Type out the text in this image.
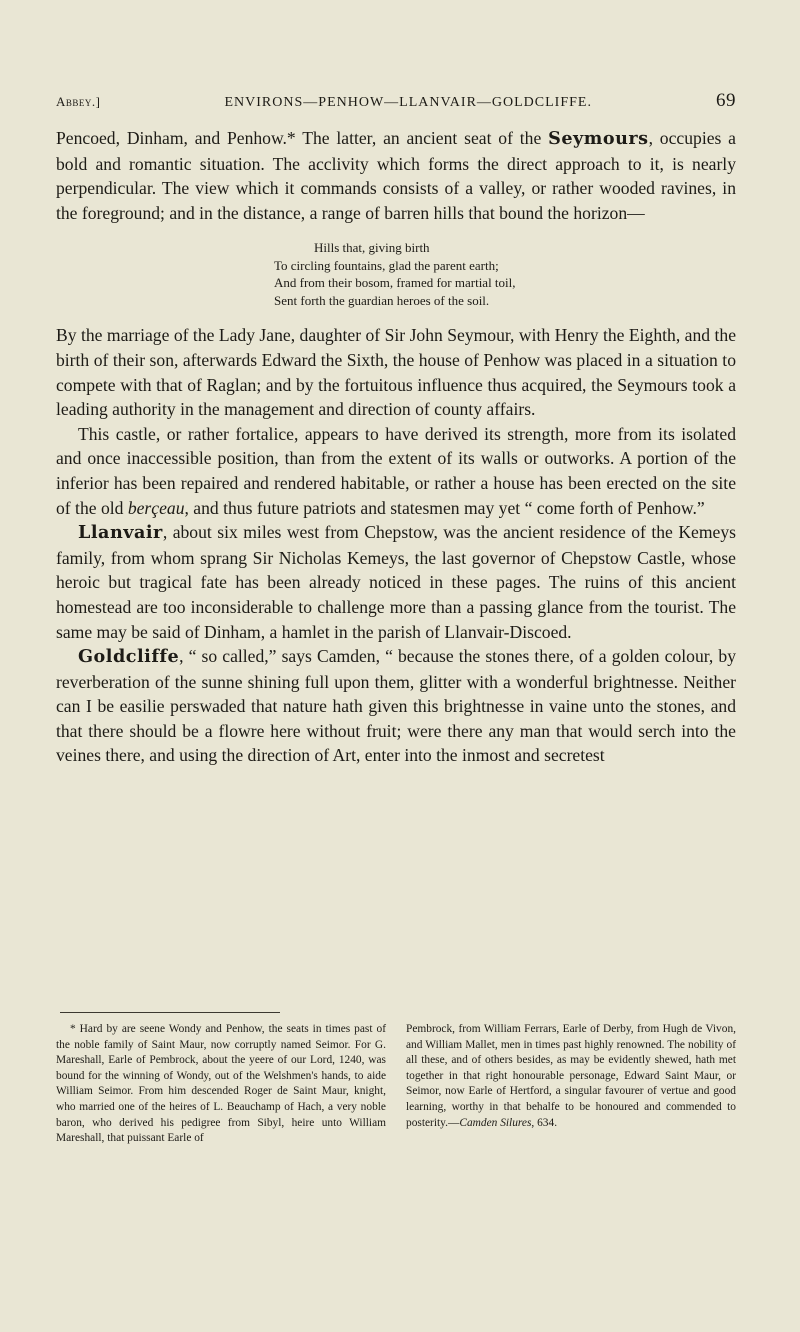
Abbey.]	ENVIRONS—PENHOW—LLANVAIR—GOLDCLIFFE.	69

Pencoed, Dinham, and Penhow.* The latter, an ancient seat of the Seymours, occupies a bold and romantic situation. The acclivity which forms the direct approach to it, is nearly perpendicular. The view which it commands consists of a valley, or rather wooded ravines, in the foreground; and in the distance, a range of barren hills that bound the horizon—

Hills that, giving birth
To circling fountains, glad the parent earth;
And from their bosom, framed for martial toil,
Sent forth the guardian heroes of the soil.

By the marriage of the Lady Jane, daughter of Sir John Seymour, with Henry the Eighth, and the birth of their son, afterwards Edward the Sixth, the house of Penhow was placed in a situation to compete with that of Raglan; and by the fortuitous influence thus acquired, the Seymours took a leading authority in the management and direction of county affairs.

This castle, or rather fortalice, appears to have derived its strength, more from its isolated and once inaccessible position, than from the extent of its walls or outworks. A portion of the inferior has been repaired and rendered habitable, or rather a house has been erected on the site of the old berçeau, and thus future patriots and statesmen may yet “ come forth of Penhow.”

Llanvair, about six miles west from Chepstow, was the ancient residence of the Kemeys family, from whom sprang Sir Nicholas Kemeys, the last governor of Chepstow Castle, whose heroic but tragical fate has been already noticed in these pages. The ruins of this ancient homestead are too inconsiderable to challenge more than a passing glance from the tourist. The same may be said of Dinham, a hamlet in the parish of Llanvair-Discoed.

Goldcliffe, “ so called,” says Camden, “ because the stones there, of a golden colour, by reverberation of the sunne shining full upon them, glitter with a wonderful brightnesse. Neither can I be easilie perswaded that nature hath given this brightnesse in vaine unto the stones, and that there should be a flowre here without fruit; were there any man that would serch into the veines there, and using the direction of Art, enter into the inmost and secretest

* Hard by are seene Wondy and Penhow, the seats in times past of the noble family of Saint Maur, now corruptly named Seimor. For G. Mareshall, Earle of Pembrock, about the yeere of our Lord, 1240, was bound for the winning of Wondy, out of the Welshmen's hands, to aide William Seimor. From him descended Roger de Saint Maur, knight, who married one of the heires of L. Beauchamp of Hach, a very noble baron, who derived his pedigree from Sibyl, heire unto William Mareshall, that puissant Earle of

Pembrock, from William Ferrars, Earle of Derby, from Hugh de Vivon, and William Mallet, men in times past highly renowned. The nobility of all these, and of others besides, as may be evidently shewed, hath met together in that right honourable personage, Edward Saint Maur, or Seimor, now Earle of Hertford, a singular favourer of vertue and good learning, worthy in that behalfe to be honoured and commended to posterity.—Camden Silures, 634.
